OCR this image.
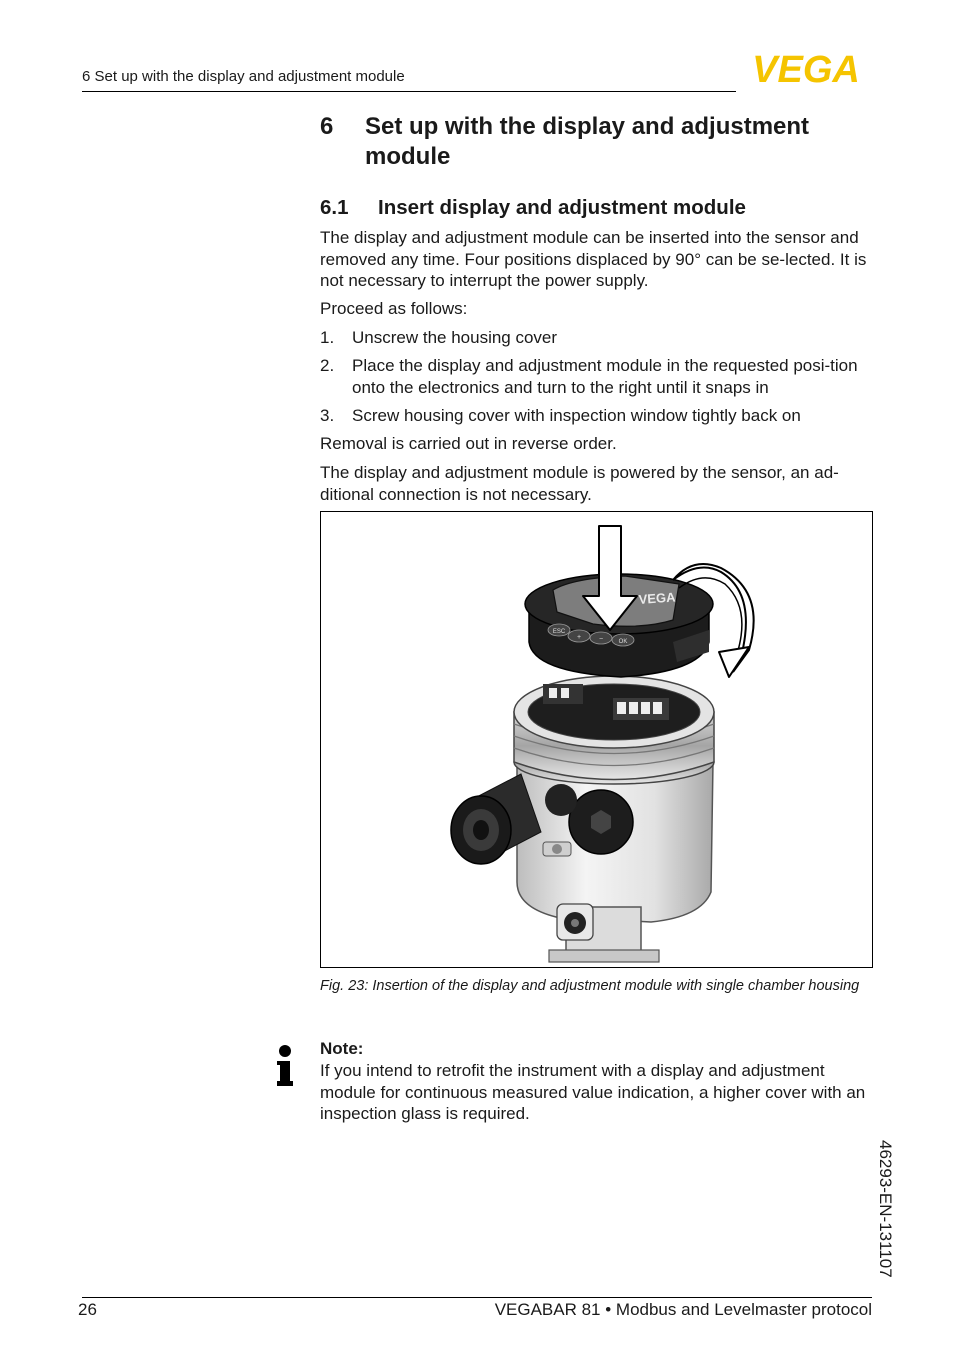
6 Set up with the display and adjustment module	VEGA
6	Set up with the display and adjustment module
6.1	Insert display and adjustment module

The display and adjustment module can be inserted into the sensor and removed any time. Four positions displaced by 90° can be se-lected. It is not necessary to interrupt the power supply.

Proceed as follows:

1.	Unscrew the housing cover
2.	Place the display and adjustment module in the requested posi-tion onto the electronics and turn to the right until it snaps in
3.	Screw housing cover with inspection window tightly back on

Removal is carried out in reverse order.

The display and adjustment module is powered by the sensor, an ad-ditional connection is not necessary.

VEGA
ESC
+	−	OK
Fig. 23: Insertion of the display and adjustment module with single chamber housing
Note:
If you intend to retrofit the instrument with a display and adjustment module for continuous measured value indication, a higher cover with an inspection glass is required.
46293-EN-131107
26	VEGABAR 81 • Modbus and Levelmaster protocol
